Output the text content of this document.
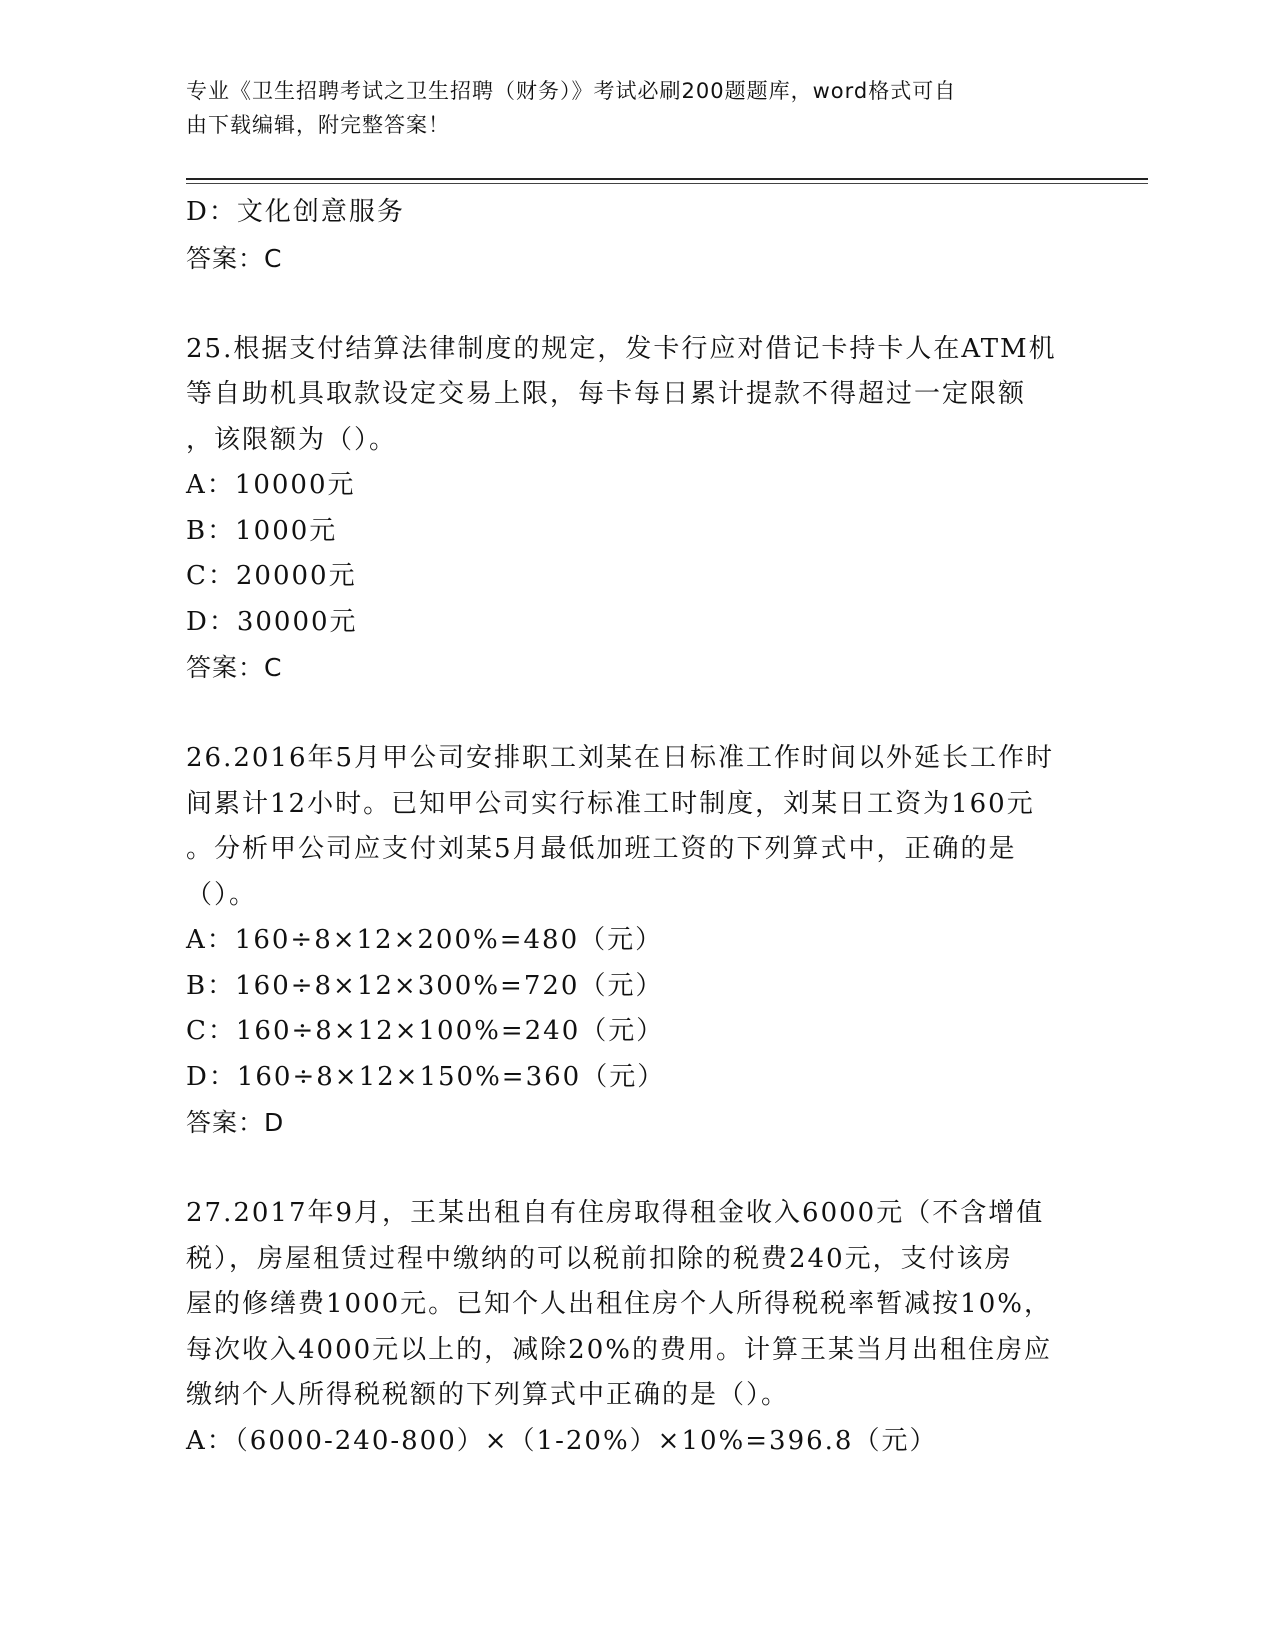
专业《卫生招聘考试之卫生招聘（财务）》考试必刷200题题库，word格式可自
由下载编辑，附完整答案！
D：文化创意服务
答案：C
25.根据支付结算法律制度的规定，发卡行应对借记卡持卡人在ATM机
等自助机具取款设定交易上限，每卡每日累计提款不得超过一定限额
，该限额为（）。
A：10000元
B：1000元
C：20000元
D：30000元
答案：C
26.2016年5月甲公司安排职工刘某在日标准工作时间以外延长工作时
间累计12小时。已知甲公司实行标准工时制度，刘某日工资为160元
。分析甲公司应支付刘某5月最低加班工资的下列算式中，正确的是
（）。
A：160÷8×12×200%=480（元）
B：160÷8×12×300%=720（元）
C：160÷8×12×100%=240（元）
D：160÷8×12×150%=360（元）
答案：D
27.2017年9月，王某出租自有住房取得租金收入6000元（不含增值
税），房屋租赁过程中缴纳的可以税前扣除的税费240元，支付该房
屋的修缮费1000元。已知个人出租住房个人所得税税率暂减按10%，
每次收入4000元以上的，减除20%的费用。计算王某当月出租住房应
缴纳个人所得税税额的下列算式中正确的是（）。
A：（6000-240-800）×（1-20%）×10%=396.8（元）
